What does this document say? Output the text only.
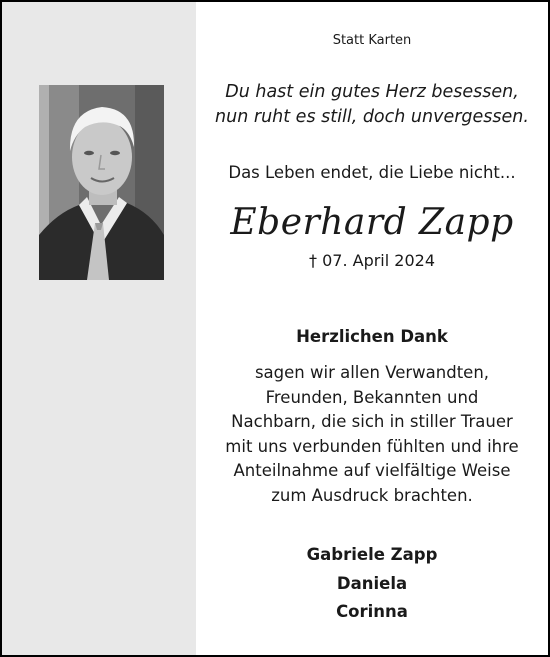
Statt Karten
Du hast ein gutes Herz besessen,
nun ruht es still, doch unvergessen.
Das Leben endet, die Liebe nicht...
Eberhard Zapp
† 07. April 2024
Herzlichen Dank
sagen wir allen Verwandten,
Freunden, Bekannten und
Nachbarn, die sich in stiller Trauer
mit uns verbunden fühlten und ihre
Anteilnahme auf vielfältige Weise
zum Ausdruck brachten.
Gabriele Zapp
Daniela
Corinna
